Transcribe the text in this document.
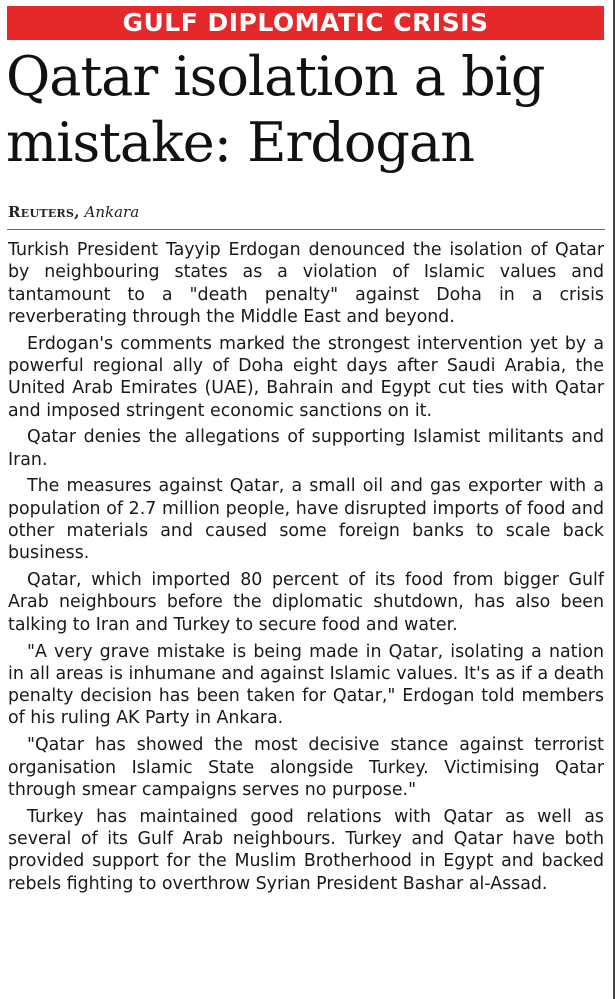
GULF DIPLOMATIC CRISIS
Qatar isolation a big mistake: Erdogan
Reuters, Ankara

Turkish President Tayyip Erdogan denounced the isolation of Qatar by neighbouring states as a violation of Islamic values and tantamount to a "death penalty" against Doha in a crisis reverberating through the Middle East and beyond.

Erdogan's comments marked the strongest intervention yet by a powerful regional ally of Doha eight days after Saudi Arabia, the United Arab Emirates (UAE), Bahrain and Egypt cut ties with Qatar and imposed stringent economic sanctions on it.

Qatar denies the allegations of supporting Islamist militants and Iran.

The measures against Qatar, a small oil and gas exporter with a population of 2.7 million people, have disrupted imports of food and other materials and caused some foreign banks to scale back business.

Qatar, which imported 80 percent of its food from bigger Gulf Arab neighbours before the diplomatic shutdown, has also been talking to Iran and Turkey to secure food and water.

"A very grave mistake is being made in Qatar, isolating a nation in all areas is inhumane and against Islamic values. It's as if a death penalty decision has been taken for Qatar," Erdogan told members of his ruling AK Party in Ankara.

"Qatar has showed the most decisive stance against terrorist organisation Islamic State alongside Turkey. Victimising Qatar through smear campaigns serves no purpose."

Turkey has maintained good relations with Qatar as well as several of its Gulf Arab neighbours. Turkey and Qatar have both provided support for the Muslim Brotherhood in Egypt and backed rebels fighting to overthrow Syrian President Bashar al-Assad.
